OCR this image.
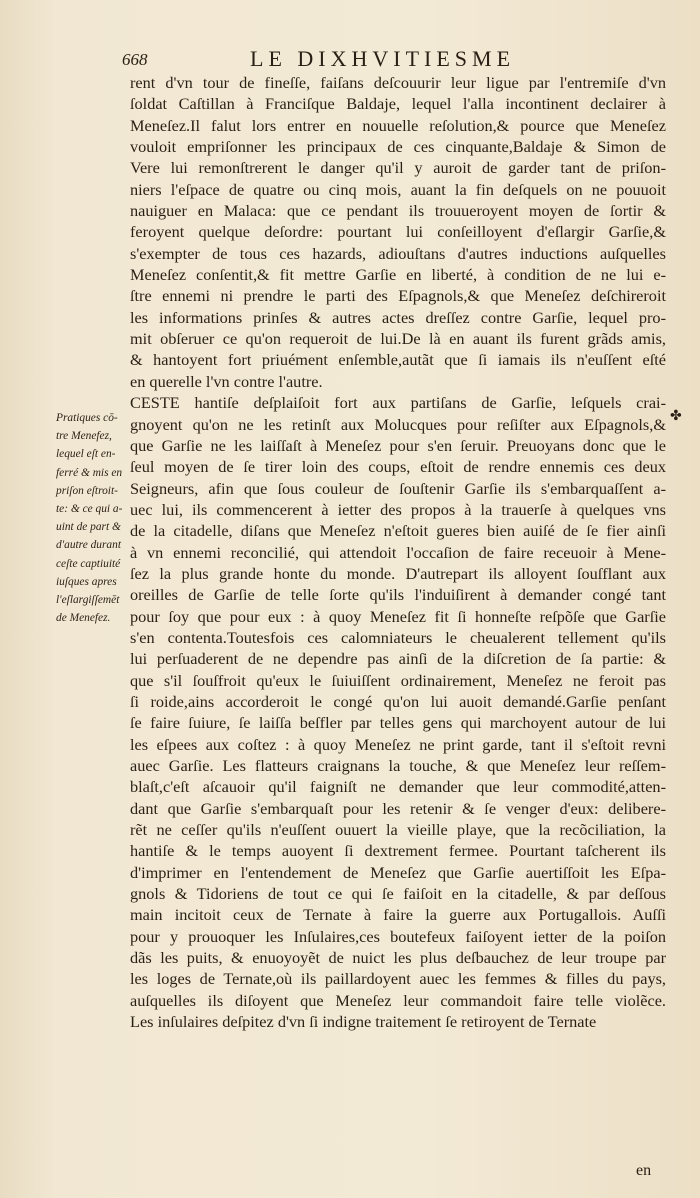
668	LE DIXHVITIESME
Pratiques cō-
tre Menefez,
lequel eſt en-
ferré & mis en
priſon eſtroit-
te: & ce qui a-
uint de part &
d'autre durant
ceſte captiuité
iuſques apres
l'eſlargiſſemēt
de Menefez.
✤
rent d'vn tour de fineſſe, faiſans deſcouurir leur ligue par l'entremiſe d'vn
ſoldat Caſtillan à Franciſque Baldaje, lequel l'alla incontinent declairer à
Meneſez.Il falut lors entrer en nouuelle reſolution,& pource que Meneſez
vouloit empriſonner les principaux de ces cinquante,Baldaje & Simon de
Vere lui remonſtrerent le danger qu'il y auroit de garder tant de priſon-
niers l'eſpace de quatre ou cinq mois, auant la fin deſquels on ne pouuoit
nauiguer en Malaca: que ce pendant ils trouueroyent moyen de ſortir &
feroyent quelque deſordre: pourtant lui conſeilloyent d'eſlargir Garſie,&
s'exempter de tous ces hazards, adiouſtans d'autres inductions auſquelles
Meneſez conſentit,& fit mettre Garſie en liberté, à condition de ne lui e-
ſtre ennemi ni prendre le parti des Eſpagnols,& que Meneſez deſchireroit
les informations prinſes & autres actes dreſſez contre Garſie, lequel pro-
mit obſeruer ce qu'on requeroit de lui.De là en auant ils furent grãds amis,
& hantoyent fort priuément enſemble,autãt que ſi iamais ils n'euſſent eſté
en querelle l'vn contre l'autre.
CESTE hantiſe deſplaiſoit fort aux partiſans de Garſie, leſquels crai-
gnoyent qu'on ne les retinſt aux Molucques pour reſiſter aux Eſpagnols,&
que Garſie ne les laiſſaſt à Meneſez pour s'en ſeruir. Preuoyans donc que le
ſeul moyen de ſe tirer loin des coups, eſtoit de rendre ennemis ces deux
Seigneurs, afin que ſous couleur de ſouſtenir Garſie ils s'embarquaſſent a-
uec lui, ils commencerent à ietter des propos à la trauerſe à quelques vns
de la citadelle, diſans que Meneſez n'eſtoit gueres bien auiſé de ſe fier ainſi
à vn ennemi reconcilié, qui attendoit l'occaſion de faire receuoir à Mene-
ſez la plus grande honte du monde. D'autrepart ils alloyent ſouſflant aux
oreilles de Garſie de telle ſorte qu'ils l'induiſirent à demander congé tant
pour ſoy que pour eux : à quoy Meneſez fit ſi honneſte reſpõſe que Garſie
s'en contenta.Toutesfois ces calomniateurs le cheualerent tellement qu'ils
lui perſuaderent de ne dependre pas ainſi de la diſcretion de ſa partie: &
que s'il ſouſfroit qu'eux le ſuiuiſſent ordinairement, Meneſez ne feroit pas
ſi roide,ains accorderoit le congé qu'on lui auoit demandé.Garſie penſant
ſe faire ſuiure, ſe laiſſa beſfler par telles gens qui marchoyent autour de lui
les eſpees aux coſtez : à quoy Meneſez ne print garde, tant il s'eſtoit revni
auec Garſie. Les flatteurs craignans la touche, & que Meneſez leur reſſem-
blaſt,c'eſt aſcauoir qu'il faigniſt ne demander que leur commodité,atten-
dant que Garſie s'embarquaſt pour les retenir & ſe venger d'eux: delibere-
rẽt ne ceſſer qu'ils n'euſſent ouuert la vieille playe, que la recõciliation, la
hantiſe & le temps auoyent ſi dextrement fermee. Pourtant taſcherent ils
d'imprimer en l'entendement de Meneſez que Garſie auertiſſoit les Eſpa-
gnols & Tidoriens de tout ce qui ſe faiſoit en la citadelle, & par deſſous
main incitoit ceux de Ternate à faire la guerre aux Portugallois. Auſſi
pour y prouoquer les Inſulaires,ces boutefeux faiſoyent ietter de la poiſon
dãs les puits, & enuoyoyẽt de nuict les plus deſbauchez de leur troupe par
les loges de Ternate,où ils paillardoyent auec les femmes & filles du pays,
auſquelles ils diſoyent que Meneſez leur commandoit faire telle violẽce.
Les inſulaires deſpitez d'vn ſi indigne traitement ſe retiroyent de Ternate
en
